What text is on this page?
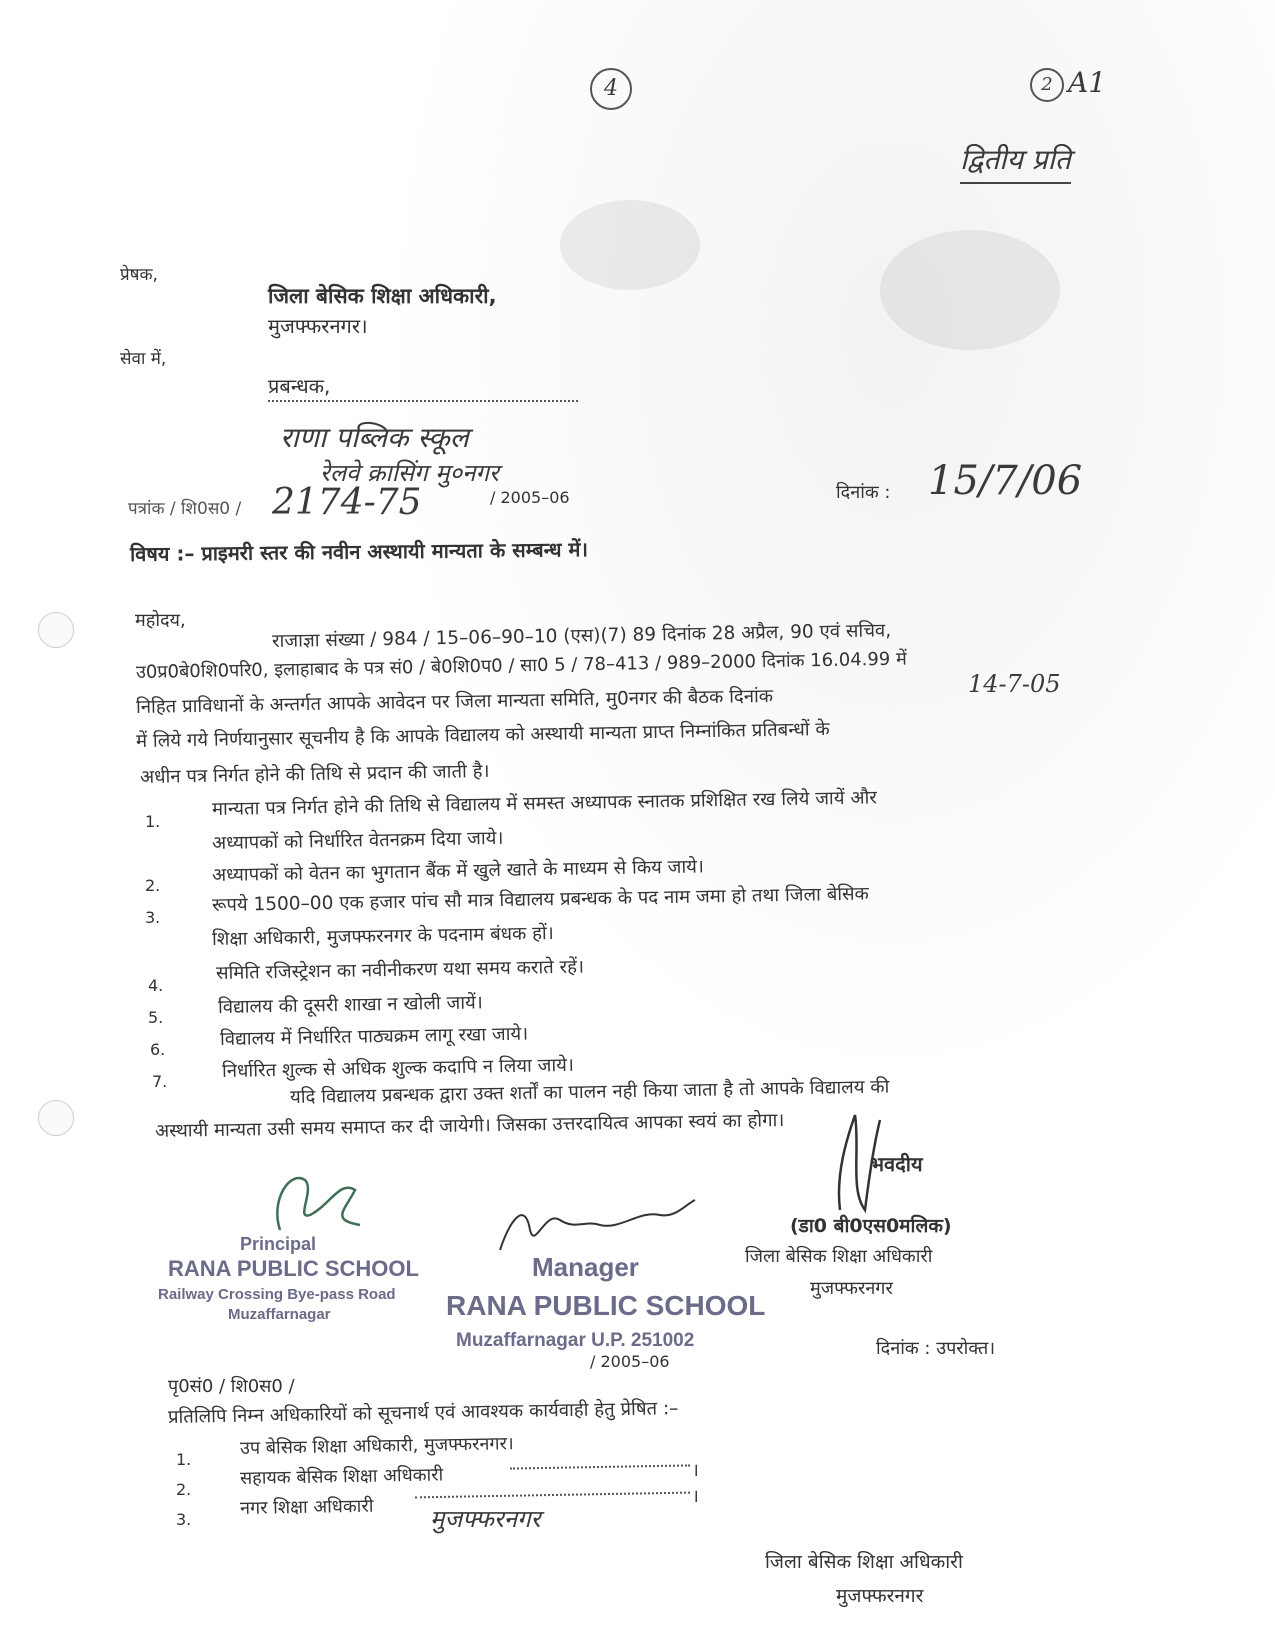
4	2 A1
द्वितीय प्रति
प्रेषक,
जिला बेसिक शिक्षा अधिकारी,
मुजफ्फरनगर।
सेवा में,
प्रबन्धक,
राणा पब्लिक स्कूल
रेलवे क्रासिंग मु०नगर
पत्रांक / शि0स0 / 2174-75	/ 2005–06	दिनांक : 15/7/06
विषय :– प्राइमरी स्तर की नवीन अस्थायी मान्यता के सम्बन्ध में।
महोदय,	राजाज्ञा संख्या / 984 / 15–06–90–10 (एस)(7) 89 दिनांक 28 अप्रैल, 90 एवं सचिव,
उ0प्र0बे0शि0परि0, इलाहाबाद के पत्र सं0 / बे0शि0प0 / सा0 5 / 78–413 / 989–2000 दिनांक 16.04.99 में
निहित प्राविधानों के अन्तर्गत आपके आवेदन पर जिला मान्यता समिति, मु0नगर की बैठक दिनांक
14-7-05
में लिये गये निर्णयानुसार सूचनीय है कि आपके विद्यालय को अस्थायी मान्यता प्राप्त निम्नांकित प्रतिबन्धों के
अधीन पत्र निर्गत होने की तिथि से प्रदान की जाती है।
1.
मान्यता पत्र निर्गत होने की तिथि से विद्यालय में समस्त अध्यापक स्नातक प्रशिक्षित रख लिये जायें और
अध्यापकों को निर्धारित वेतनक्रम दिया जाये।
2.	अध्यापकों को वेतन का भुगतान बैंक में खुले खाते के माध्यम से किय जाये।
3.
रूपये 1500–00 एक हजार पांच सौ मात्र विद्यालय प्रबन्धक के पद नाम जमा हो तथा जिला बेसिक
शिक्षा अधिकारी, मुजफ्फरनगर के पदनाम बंधक हों।
4.
समिति रजिस्ट्रेशन का नवीनीकरण यथा समय कराते रहें।
5.	विद्यालय की दूसरी शाखा न खोली जायें।
6.	विद्यालय में निर्धारित पाठ्यक्रम लागू रखा जाये।
7.	निर्धारित शुल्क से अधिक शुल्क कदापि न लिया जाये।
यदि विद्यालय प्रबन्धक द्वारा उक्त शर्तों का पालन नही किया जाता है तो आपके विद्यालय की
अस्थायी मान्यता उसी समय समाप्त कर दी जायेगी। जिसका उत्तरदायित्व आपका स्वयं का होगा।
भवदीय
(डा0 बी0एस0मलिक)
जिला बेसिक शिक्षा अधिकारी
मुजफ्फरनगर
दिनांक : उपरोक्त।
Principal
RANA PUBLIC SCHOOL
Railway Crossing Bye-pass Road
Muzaffarnagar
Manager
RANA PUBLIC SCHOOL
Muzaffarnagar U.P. 251002
/ 2005–06
पृ0सं0 / शि0स0 /
प्रतिलिपि निम्न अधिकारियों को सूचनार्थ एवं आवश्यक कार्यवाही हेतु प्रेषित :–
1.
उप बेसिक शिक्षा अधिकारी, मुजफ्फरनगर।
2.
सहायक बेसिक शिक्षा अधिकारी	।
3.
नगर शिक्षा अधिकारी	।
मुजफ्फरनगर
जिला बेसिक शिक्षा अधिकारी
मुजफ्फरनगर
